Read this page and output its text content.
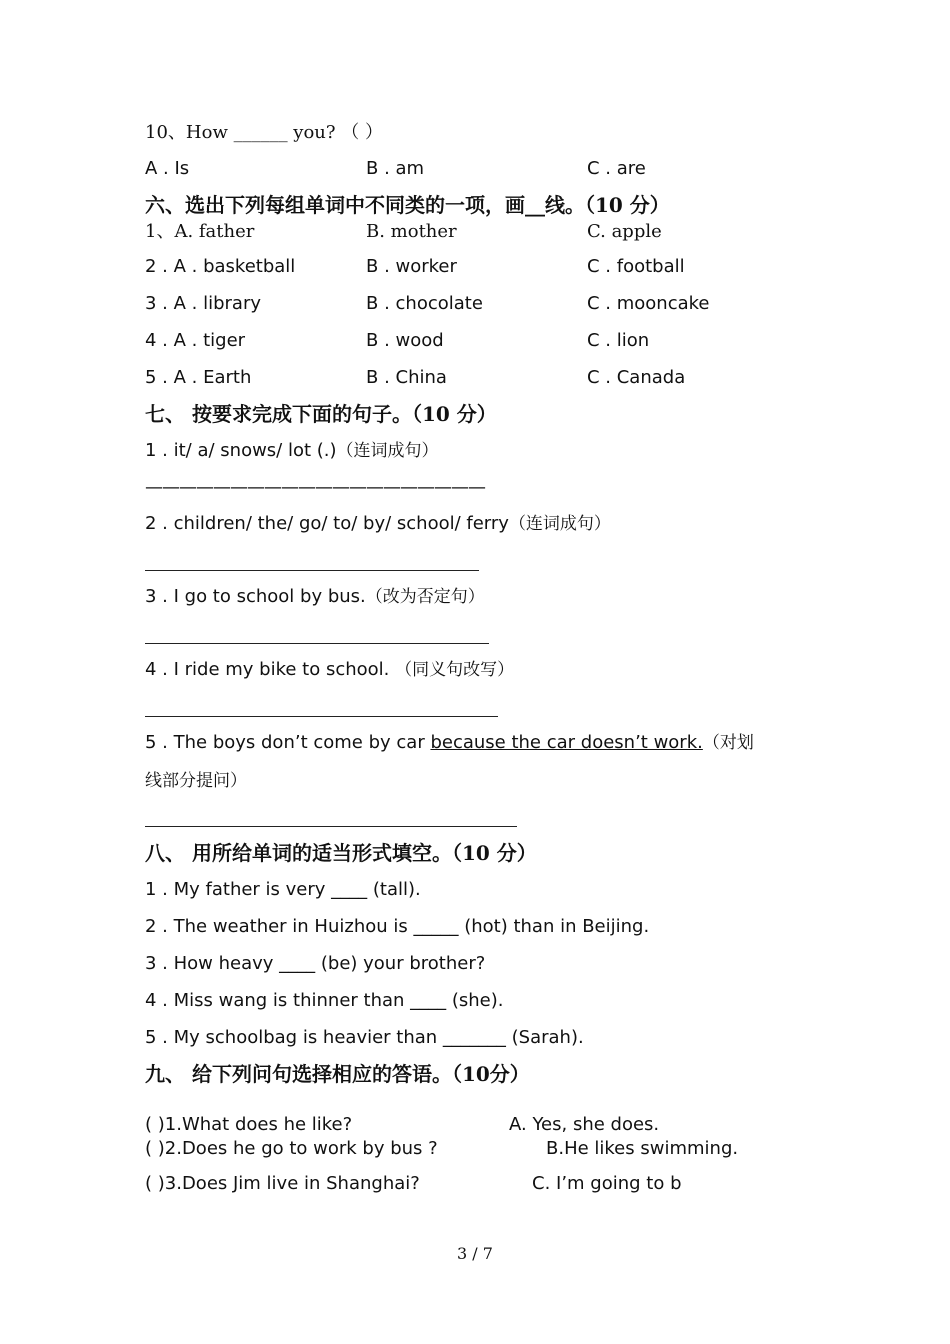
10、How ______ you? （ ）
A . Is	B . am	C . are
六、选出下列每组单词中不同类的一项，画__线。（10 分）
1、A. father	B. mother	C. apple
2 . A . basketball	B . worker	C . football
3 . A . library	B . chocolate	C . mooncake
4 . A . tiger	B . wood	C . lion
5 . A . Earth	B . China	C . Canada
七、 按要求完成下面的句子。（10 分）
1 . it/ a/ snows/ lot (.)（连词成句）
————————————————————
2 . children/ the/ go/ to/ by/ school/ ferry（连词成句）
3 . I go to school by bus.（改为否定句）
4 . I ride my bike to school. （同义句改写）
5 . The boys don’t come by car because the car doesn’t work.（对划
线部分提问）
八、 用所给单词的适当形式填空。（10 分）
1 . My father is very ____ (tall).
2 . The weather in Huizhou is _____ (hot) than in Beijing.
3 . How heavy ____ (be) your brother?
4 . Miss wang is thinner than ____ (she).
5 . My schoolbag is heavier than _______ (Sarah).
九、 给下列问句选择相应的答语。（10分）
( )1.What does he like?	A. Yes, she does.
( )2.Does he go to work by bus ?	B.He likes swimming.
( )3.Does Jim live in Shanghai?	C. I’m going to b
3 / 7
